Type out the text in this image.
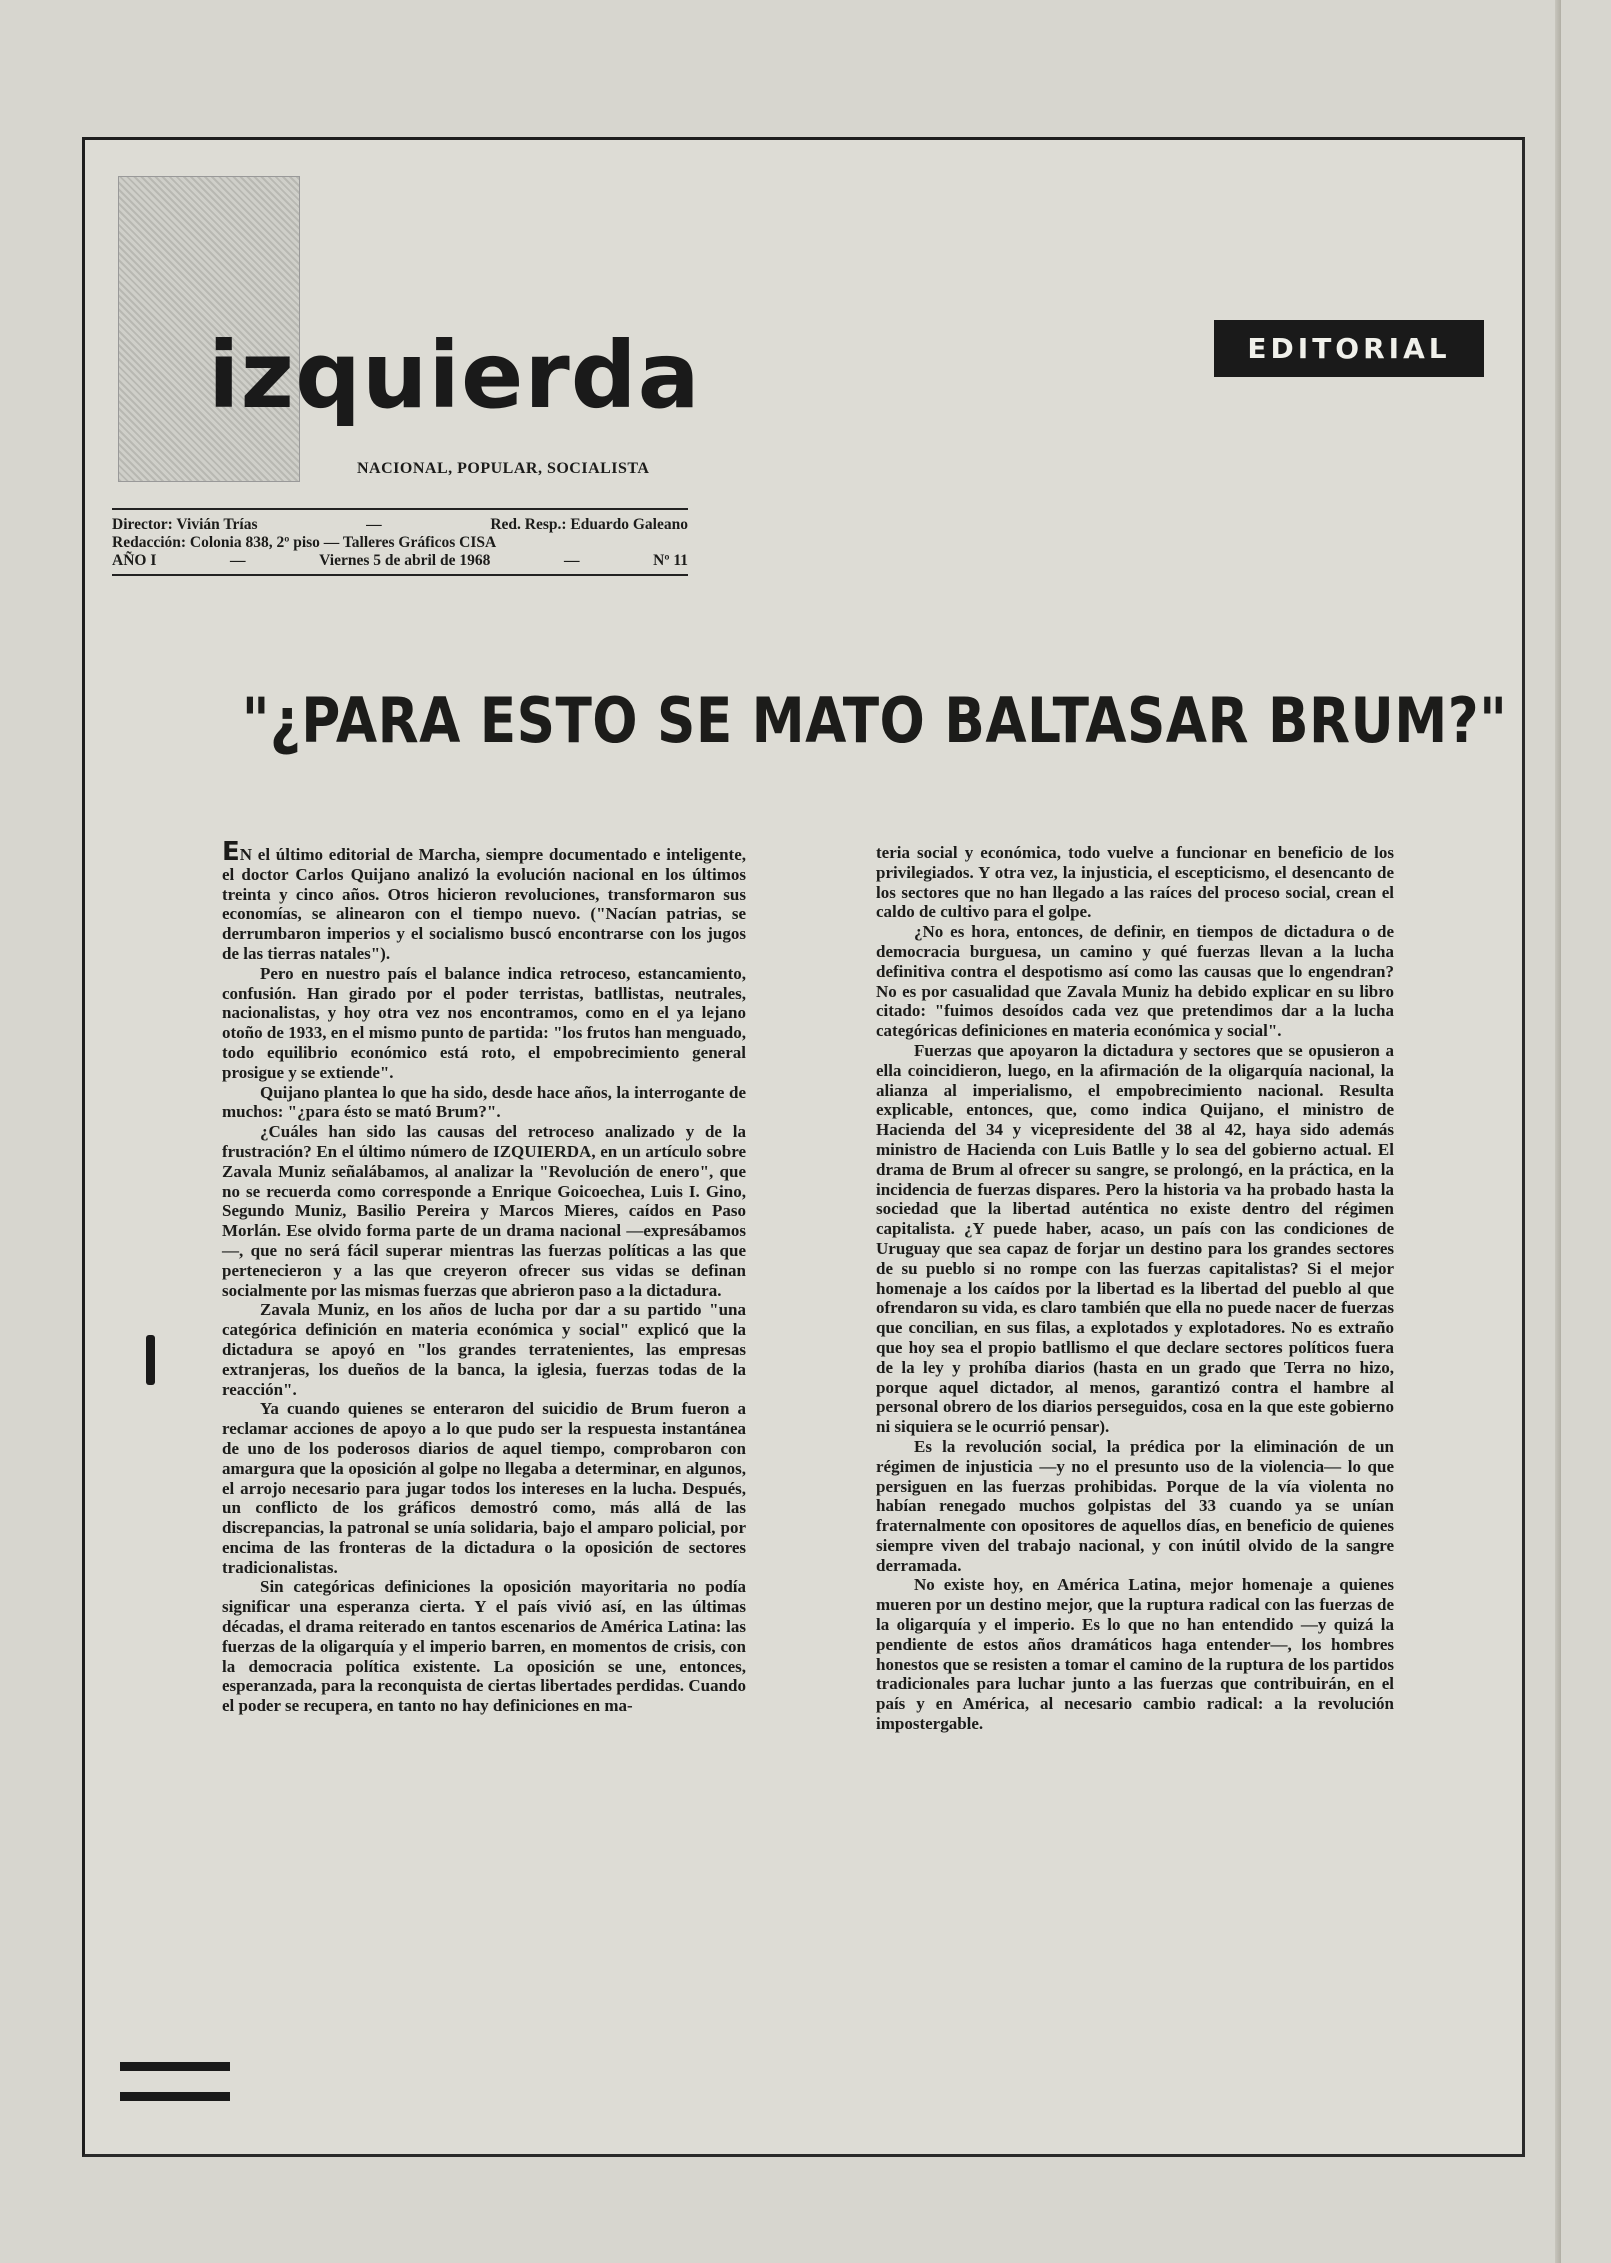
izquierda
NACIONAL, POPULAR, SOCIALISTA
Director: Vivián Trías	—	Red. Resp.: Eduardo Galeano
Redacción: Colonia 838, 2º piso — Talleres Gráficos CISA
AÑO I	—	Viernes 5 de abril de 1968	—	Nº 11
EDITORIAL
"¿PARA ESTO SE MATO BALTASAR BRUM?"

EN el último editorial de Marcha, siempre documentado e inteligente, el doctor Carlos Quijano analizó la evolución nacional en los últimos treinta y cinco años. Otros hicieron revoluciones, transformaron sus economías, se alinearon con el tiempo nuevo. ("Nacían patrias, se derrumbaron imperios y el socialismo buscó encontrarse con los jugos de las tierras natales").

Pero en nuestro país el balance indica retroceso, estancamiento, confusión. Han girado por el poder terristas, batllistas, neutrales, nacionalistas, y hoy otra vez nos encontramos, como en el ya lejano otoño de 1933, en el mismo punto de partida: "los frutos han menguado, todo equilibrio económico está roto, el empobrecimiento general prosigue y se extiende".

Quijano plantea lo que ha sido, desde hace años, la interrogante de muchos: "¿para ésto se mató Brum?".

¿Cuáles han sido las causas del retroceso analizado y de la frustración? En el último número de IZQUIERDA, en un artículo sobre Zavala Muniz señalábamos, al analizar la "Revolución de enero", que no se recuerda como corresponde a Enrique Goicoechea, Luis I. Gino, Segundo Muniz, Basilio Pereira y Marcos Mieres, caídos en Paso Morlán. Ese olvido forma parte de un drama nacional —expresábamos—, que no será fácil superar mientras las fuerzas políticas a las que pertenecieron y a las que creyeron ofrecer sus vidas se definan socialmente por las mismas fuerzas que abrieron paso a la dictadura.

Zavala Muniz, en los años de lucha por dar a su partido "una categórica definición en materia económica y social" explicó que la dictadura se apoyó en "los grandes terratenientes, las empresas extranjeras, los dueños de la banca, la iglesia, fuerzas todas de la reacción".

Ya cuando quienes se enteraron del suicidio de Brum fueron a reclamar acciones de apoyo a lo que pudo ser la respuesta instantánea de uno de los poderosos diarios de aquel tiempo, comprobaron con amargura que la oposición al golpe no llegaba a determinar, en algunos, el arrojo necesario para jugar todos los intereses en la lucha. Después, un conflicto de los gráficos demostró como, más allá de las discrepancias, la patronal se unía solidaria, bajo el amparo policial, por encima de las fronteras de la dictadura o la oposición de sectores tradicionalistas.

Sin categóricas definiciones la oposición mayoritaria no podía significar una esperanza cierta. Y el país vivió así, en las últimas décadas, el drama reiterado en tantos escenarios de América Latina: las fuerzas de la oligarquía y el imperio barren, en momentos de crisis, con la democracia política existente. La oposición se une, entonces, esperanzada, para la reconquista de ciertas libertades perdidas. Cuando el poder se recupera, en tanto no hay definiciones en ma-

teria social y económica, todo vuelve a funcionar en beneficio de los privilegiados. Y otra vez, la injusticia, el escepticismo, el desencanto de los sectores que no han llegado a las raíces del proceso social, crean el caldo de cultivo para el golpe.

¿No es hora, entonces, de definir, en tiempos de dictadura o de democracia burguesa, un camino y qué fuerzas llevan a la lucha definitiva contra el despotismo así como las causas que lo engendran? No es por casualidad que Zavala Muniz ha debido explicar en su libro citado: "fuimos desoídos cada vez que pretendimos dar a la lucha categóricas definiciones en materia económica y social".

Fuerzas que apoyaron la dictadura y sectores que se opusieron a ella coincidieron, luego, en la afirmación de la oligarquía nacional, la alianza al imperialismo, el empobrecimiento nacional. Resulta explicable, entonces, que, como indica Quijano, el ministro de Hacienda del 34 y vicepresidente del 38 al 42, haya sido además ministro de Hacienda con Luis Batlle y lo sea del gobierno actual. El drama de Brum al ofrecer su sangre, se prolongó, en la práctica, en la incidencia de fuerzas dispares. Pero la historia va ha probado hasta la sociedad que la libertad auténtica no existe dentro del régimen capitalista. ¿Y puede haber, acaso, un país con las condiciones de Uruguay que sea capaz de forjar un destino para los grandes sectores de su pueblo si no rompe con las fuerzas capitalistas? Si el mejor homenaje a los caídos por la libertad es la libertad del pueblo al que ofrendaron su vida, es claro también que ella no puede nacer de fuerzas que concilian, en sus filas, a explotados y explotadores. No es extraño que hoy sea el propio batllismo el que declare sectores políticos fuera de la ley y prohíba diarios (hasta en un grado que Terra no hizo, porque aquel dictador, al menos, garantizó contra el hambre al personal obrero de los diarios perseguidos, cosa en la que este gobierno ni siquiera se le ocurrió pensar).

Es la revolución social, la prédica por la eliminación de un régimen de injusticia —y no el presunto uso de la violencia— lo que persiguen en las fuerzas prohibidas. Porque de la vía violenta no habían renegado muchos golpistas del 33 cuando ya se unían fraternalmente con opositores de aquellos días, en beneficio de quienes siempre viven del trabajo nacional, y con inútil olvido de la sangre derramada.

No existe hoy, en América Latina, mejor homenaje a quienes mueren por un destino mejor, que la ruptura radical con las fuerzas de la oligarquía y el imperio. Es lo que no han entendido —y quizá la pendiente de estos años dramáticos haga entender—, los hombres honestos que se resisten a tomar el camino de la ruptura de los partidos tradicionales para luchar junto a las fuerzas que contribuirán, en el país y en América, al necesario cambio radical: a la revolución impostergable.
